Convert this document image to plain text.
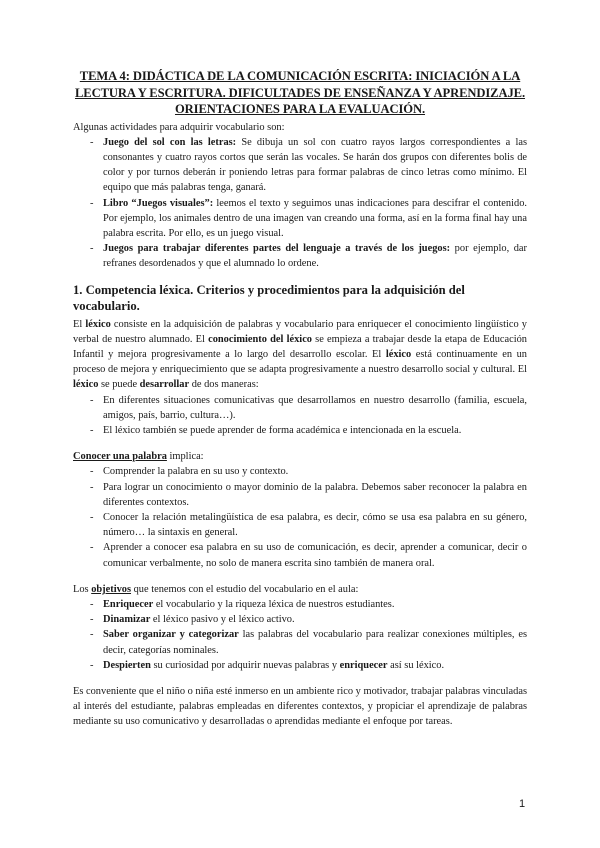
TEMA 4: DIDÁCTICA DE LA COMUNICACIÓN ESCRITA: INICIACIÓN A LA LECTURA Y ESCRITURA. DIFICULTADES DE ENSEÑANZA Y APRENDIZAJE. ORIENTACIONES PARA LA EVALUACIÓN.

Algunas actividades para adquirir vocabulario son:

- Juego del sol con las letras: Se dibuja un sol con cuatro rayos largos correspondientes a las consonantes y cuatro rayos cortos que serán las vocales. Se harán dos grupos con diferentes bolis de color y por turnos deberán ir poniendo letras para formar palabras de cinco letras como mínimo. El equipo que más palabras tenga, ganará.
- Libro “Juegos visuales”: leemos el texto y seguimos unas indicaciones para descifrar el contenido. Por ejemplo, los animales dentro de una imagen van creando una forma, así en la forma final hay una palabra escrita. Por ello, es un juego visual.
- Juegos para trabajar diferentes partes del lenguaje a través de los juegos: por ejemplo, dar refranes desordenados y que el alumnado lo ordene.
1. Competencia léxica. Criterios y procedimientos para la adquisición del vocabulario.

El léxico consiste en la adquisición de palabras y vocabulario para enriquecer el conocimiento lingüístico y verbal de nuestro alumnado. El conocimiento del léxico se empieza a trabajar desde la etapa de Educación Infantil y mejora progresivamente a lo largo del desarrollo escolar. El léxico está continuamente en un proceso de mejora y enriquecimiento que se adapta progresivamente a nuestro desarrollo social y cultural. El léxico se puede desarrollar de dos maneras:

- En diferentes situaciones comunicativas que desarrollamos en nuestro desarrollo (familia, escuela, amigos, país, barrio, cultura…).
- El léxico también se puede aprender de forma académica e intencionada en la escuela.

Conocer una palabra implica:

- Comprender la palabra en su uso y contexto.
- Para lograr un conocimiento o mayor dominio de la palabra. Debemos saber reconocer la palabra en diferentes contextos.
- Conocer la relación metalingüística de esa palabra, es decir, cómo se usa esa palabra en su género, número… la sintaxis en general.
- Aprender a conocer esa palabra en su uso de comunicación, es decir, aprender a comunicar, decir o comunicar verbalmente, no solo de manera escrita sino también de manera oral.

Los objetivos que tenemos con el estudio del vocabulario en el aula:

- Enriquecer el vocabulario y la riqueza léxica de nuestros estudiantes.
- Dinamizar el léxico pasivo y el léxico activo.
- Saber organizar y categorizar las palabras del vocabulario para realizar conexiones múltiples, es decir, categorías nominales.
- Despierten su curiosidad por adquirir nuevas palabras y enriquecer así su léxico.

Es conveniente que el niño o niña esté inmerso en un ambiente rico y motivador, trabajar palabras vinculadas al interés del estudiante, palabras empleadas en diferentes contextos, y propiciar el aprendizaje de palabras mediante su uso comunicativo y desarrolladas o aprendidas mediante el enfoque por tareas.

1
